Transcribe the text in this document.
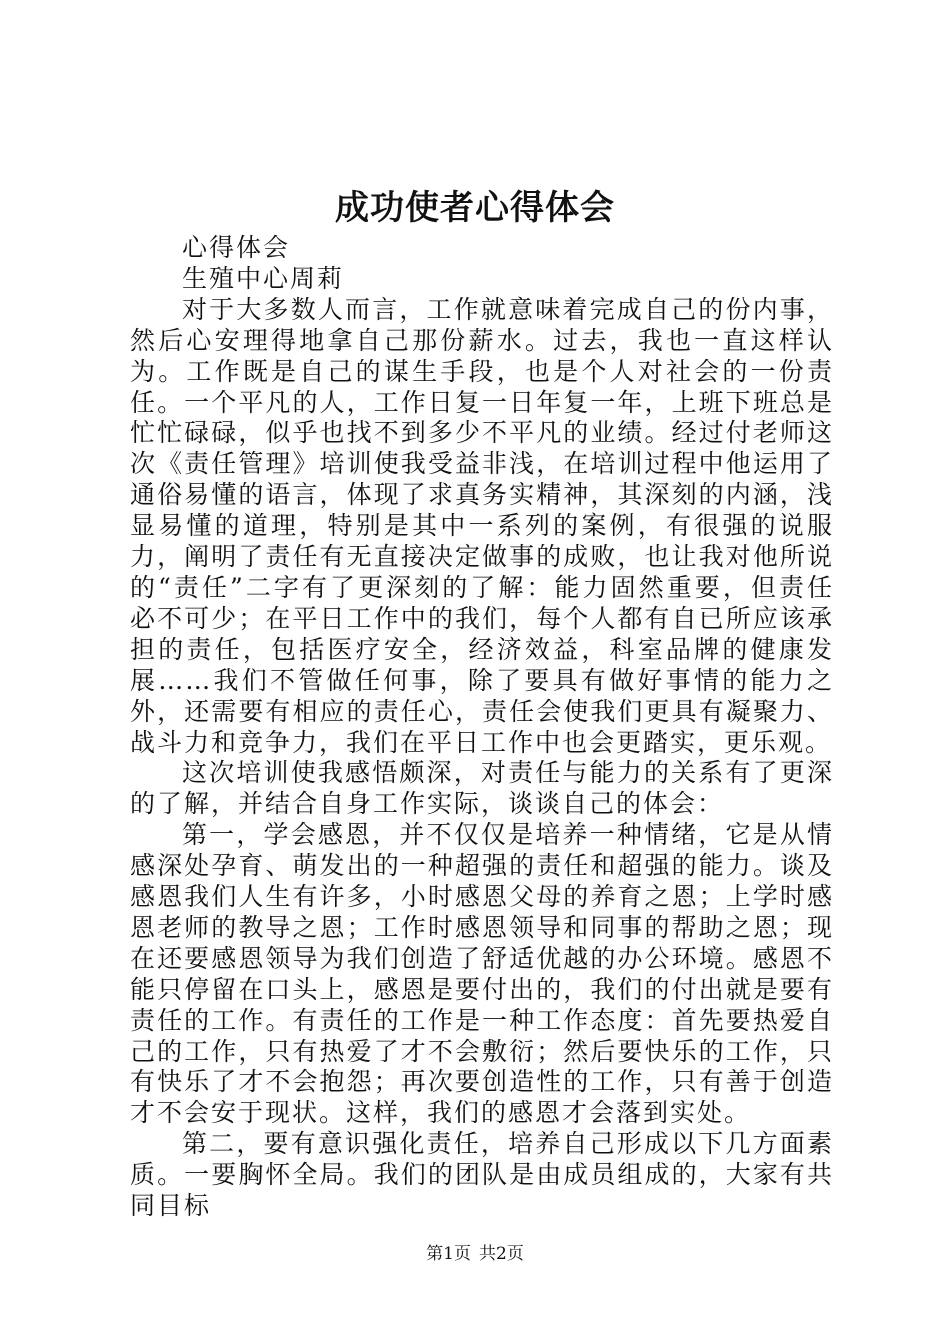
成功使者心得体会

心得体会

生殖中心周莉

对于大多数人而言，工作就意味着完成自己的份内事，然后心安理得地拿自己那份薪水。过去，我也一直这样认为。工作既是自己的谋生手段，也是个人对社会的一份责任。一个平凡的人，工作日复一日年复一年，上班下班总是忙忙碌碌，似乎也找不到多少不平凡的业绩。经过付老师这次《责任管理》培训使我受益非浅，在培训过程中他运用了通俗易懂的语言，体现了求真务实精神，其深刻的内涵，浅显易懂的道理，特别是其中一系列的案例，有很强的说服力，阐明了责任有无直接决定做事的成败，也让我对他所说的“责任”二字有了更深刻的了解：能力固然重要，但责任必不可少；在平日工作中的我们，每个人都有自已所应该承担的责任，包括医疗安全，经济效益，科室品牌的健康发展……我们不管做任何事，除了要具有做好事情的能力之外，还需要有相应的责任心，责任会使我们更具有凝聚力、战斗力和竞争力，我们在平日工作中也会更踏实，更乐观。

这次培训使我感悟颇深，对责任与能力的关系有了更深的了解，并结合自身工作实际，谈谈自己的体会：

第一，学会感恩，并不仅仅是培养一种情绪，它是从情感深处孕育、萌发出的一种超强的责任和超强的能力。谈及感恩我们人生有许多，小时感恩父母的养育之恩；上学时感恩老师的教导之恩；工作时感恩领导和同事的帮助之恩；现在还要感恩领导为我们创造了舒适优越的办公环境。感恩不能只停留在口头上，感恩是要付出的，我们的付出就是要有责任的工作。有责任的工作是一种工作态度：首先要热爱自己的工作，只有热爱了才不会敷衍；然后要快乐的工作，只有快乐了才不会抱怨；再次要创造性的工作，只有善于创造才不会安于现状。这样，我们的感恩才会落到实处。

第二，要有意识强化责任，培养自己形成以下几方面素质。一要胸怀全局。我们的团队是由成员组成的，大家有共同目标

第1页 共2页
